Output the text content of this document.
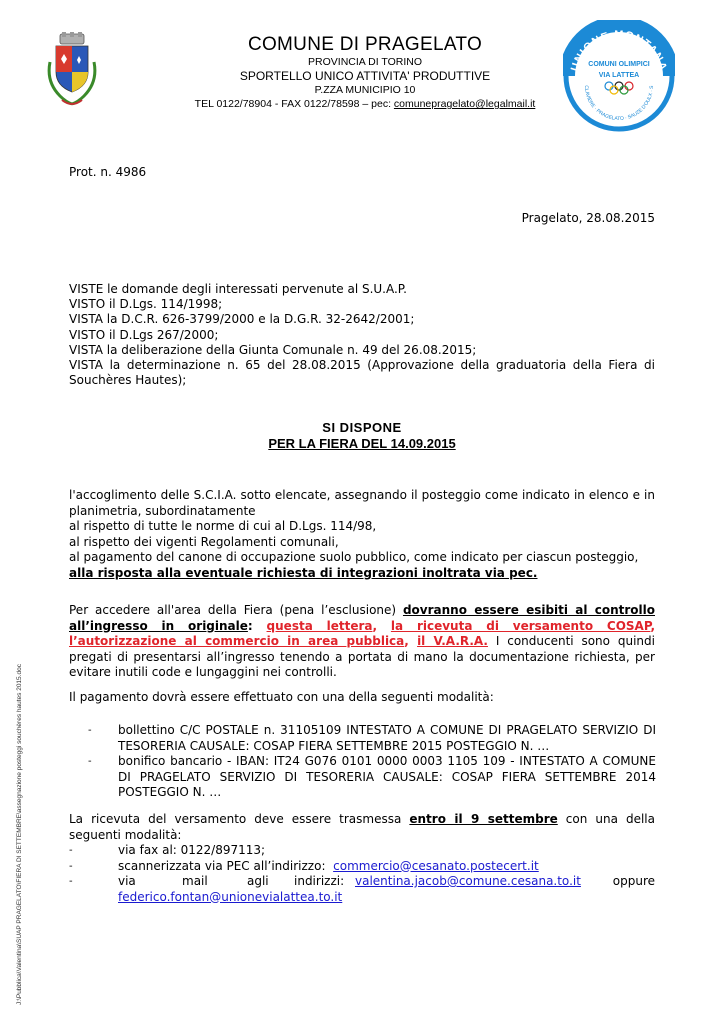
COMUNE DI PRAGELATO
PROVINCIA DI TORINO
SPORTELLO UNICO ATTIVITA' PRODUTTIVE
P.ZZA MUNICIPIO 10
TEL 0122/78904 - FAX 0122/78598 – pec: comunepragelato@legalmail.it
UNIONE MONTANA
CLAVIERE · PRAGELATO · SAUZE D'OULX · S
COMUNI OLIMPICI
VIA LATTEA
Prot. n. 4986
Pragelato, 28.08.2015
VISTE le domande degli interessati pervenute al S.U.A.P.
VISTO il D.Lgs. 114/1998;
VISTA la D.C.R. 626-3799/2000 e la D.G.R. 32-2642/2001;
VISTO il D.Lgs 267/2000;
VISTA la deliberazione della Giunta Comunale n. 49 del 26.08.2015;
VISTA la determinazione n. 65 del 28.08.2015 (Approvazione della graduatoria della Fiera di Souchères Hautes);
SI DISPONE
PER LA FIERA DEL 14.09.2015
l'accoglimento delle S.C.I.A. sotto elencate, assegnando il posteggio come indicato in elenco e in planimetria, subordinatamente
al rispetto di tutte le norme di cui al D.Lgs. 114/98,
al rispetto dei vigenti Regolamenti comunali,
al pagamento del canone di occupazione suolo pubblico, come indicato per ciascun posteggio,
alla risposta alla eventuale richiesta di integrazioni inoltrata via pec.
Per accedere all'area della Fiera (pena l’esclusione) dovranno essere esibiti al controllo all’ingresso in originale: questa lettera, la ricevuta di versamento COSAP, l’autorizzazione al commercio in area pubblica, il V.A.R.A. I conducenti sono quindi pregati di presentarsi all’ingresso tenendo a portata di mano la documentazione richiesta, per evitare inutili code e lungaggini nei controlli.
Il pagamento dovrà essere effettuato con una della seguenti modalità:
- bollettino C/C POSTALE n. 31105109 INTESTATO A COMUNE DI PRAGELATO SERVIZIO DI TESORERIA CAUSALE: COSAP FIERA SETTEMBRE 2015 POSTEGGIO N. …
- bonifico bancario - IBAN: IT24 G076 0101 0000 0003 1105 109 - INTESTATO A COMUNE DI PRAGELATO SERVIZIO DI TESORERIA CAUSALE: COSAP FIERA SETTEMBRE 2014 POSTEGGIO N. …
La ricevuta del versamento deve essere trasmessa entro il 9 settembre con una della seguenti modalità:
-	via fax al: 0122/897113;
-	scannerizzata via PEC all’indirizzo: commercio@cesanato.postecert.it
-	via	mail	agli indirizzi: valentina.jacob@comune.cesana.to.it	oppure
federico.fontan@unionevialattea.to.it
J:\Pubblica\Valentina\SUAP PRAGELATO\FIERA DI SETTEMBRE\assegnazione posteggi souchères hautes 2015.doc
